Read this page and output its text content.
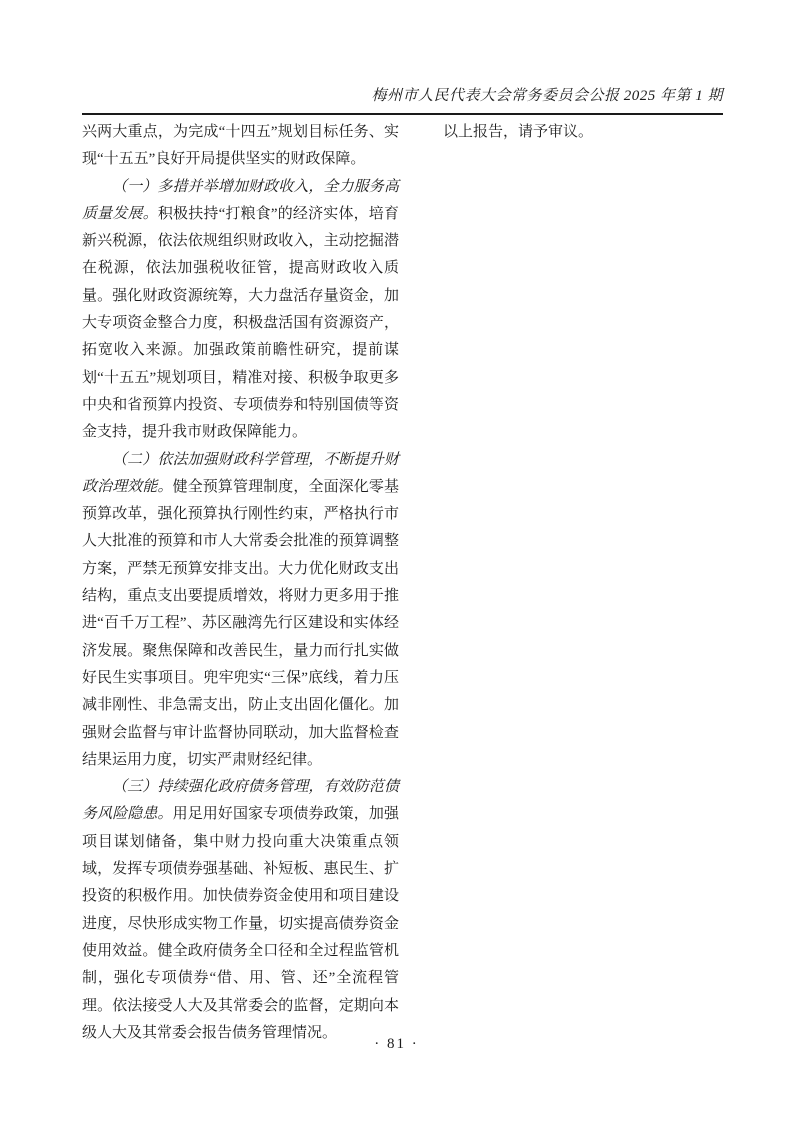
梅州市人民代表大会常务委员会公报 2025 年第 1 期

兴两大重点，为完成“十四五”规划目标任务、实现“十五五”良好开局提供坚实的财政保障。

（一）多措并举增加财政收入，全力服务高质量发展。积极扶持“打粮食”的经济实体，培育新兴税源，依法依规组织财政收入，主动挖掘潜在税源，依法加强税收征管，提高财政收入质量。强化财政资源统筹，大力盘活存量资金，加大专项资金整合力度，积极盘活国有资源资产，拓宽收入来源。加强政策前瞻性研究，提前谋划“十五五”规划项目，精准对接、积极争取更多中央和省预算内投资、专项债券和特别国债等资金支持，提升我市财政保障能力。

（二）依法加强财政科学管理，不断提升财政治理效能。健全预算管理制度，全面深化零基预算改革，强化预算执行刚性约束，严格执行市人大批准的预算和市人大常委会批准的预算调整方案，严禁无预算安排支出。大力优化财政支出结构，重点支出要提质增效，将财力更多用于推进“百千万工程”、苏区融湾先行区建设和实体经济发展。聚焦保障和改善民生，量力而行扎实做好民生实事项目。兜牢兜实“三保”底线，着力压减非刚性、非急需支出，防止支出固化僵化。加强财会监督与审计监督协同联动，加大监督检查结果运用力度，切实严肃财经纪律。

（三）持续强化政府债务管理，有效防范债务风险隐患。用足用好国家专项债券政策，加强项目谋划储备，集中财力投向重大决策重点领域，发挥专项债券强基础、补短板、惠民生、扩投资的积极作用。加快债券资金使用和项目建设进度，尽快形成实物工作量，切实提高债券资金使用效益。健全政府债务全口径和全过程监管机制，强化专项债券“借、用、管、还”全流程管理。依法接受人大及其常委会的监督，定期向本级人大及其常委会报告债务管理情况。

以上报告，请予审议。

· 81 ·
